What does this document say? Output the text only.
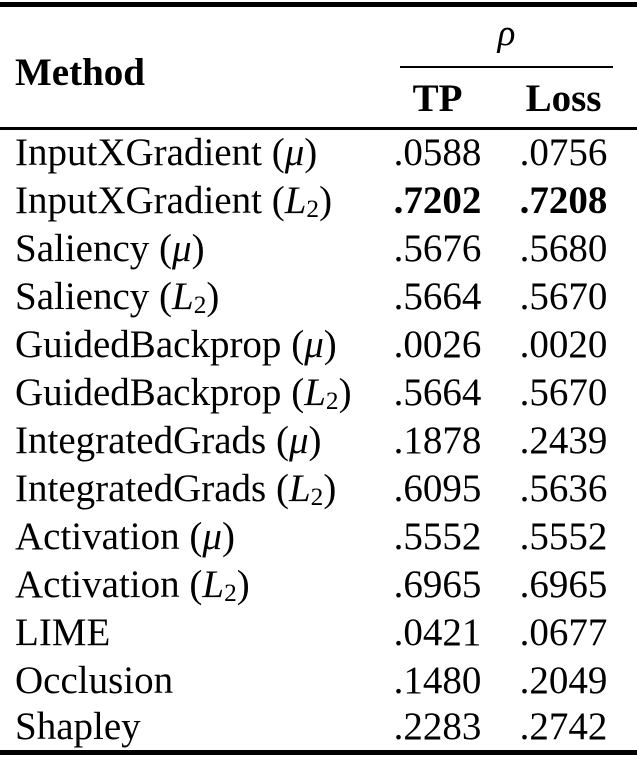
Method	ρ	

	TP	Loss
InputXGradient (μ)	.0588	.0756
InputXGradient $(L_2)$	.7202	.7208
Saliency (μ)	.5676	.5680
Saliency $(L_2)$	.5664	.5670
GuidedBackprop (μ)	.0026	.0020
GuidedBackprop $(L_2)$	.5664	.5670
IntegratedGrads (μ)	.1878	.2439
IntegratedGrads $(L_2)$	.6095	.5636
Activation (μ)	.5552	.5552
Activation $(L_2)$	.6965	.6965
LIME	.0421	.0677
Occlusion	.1480	.2049
Shapley	.2283	.2742
